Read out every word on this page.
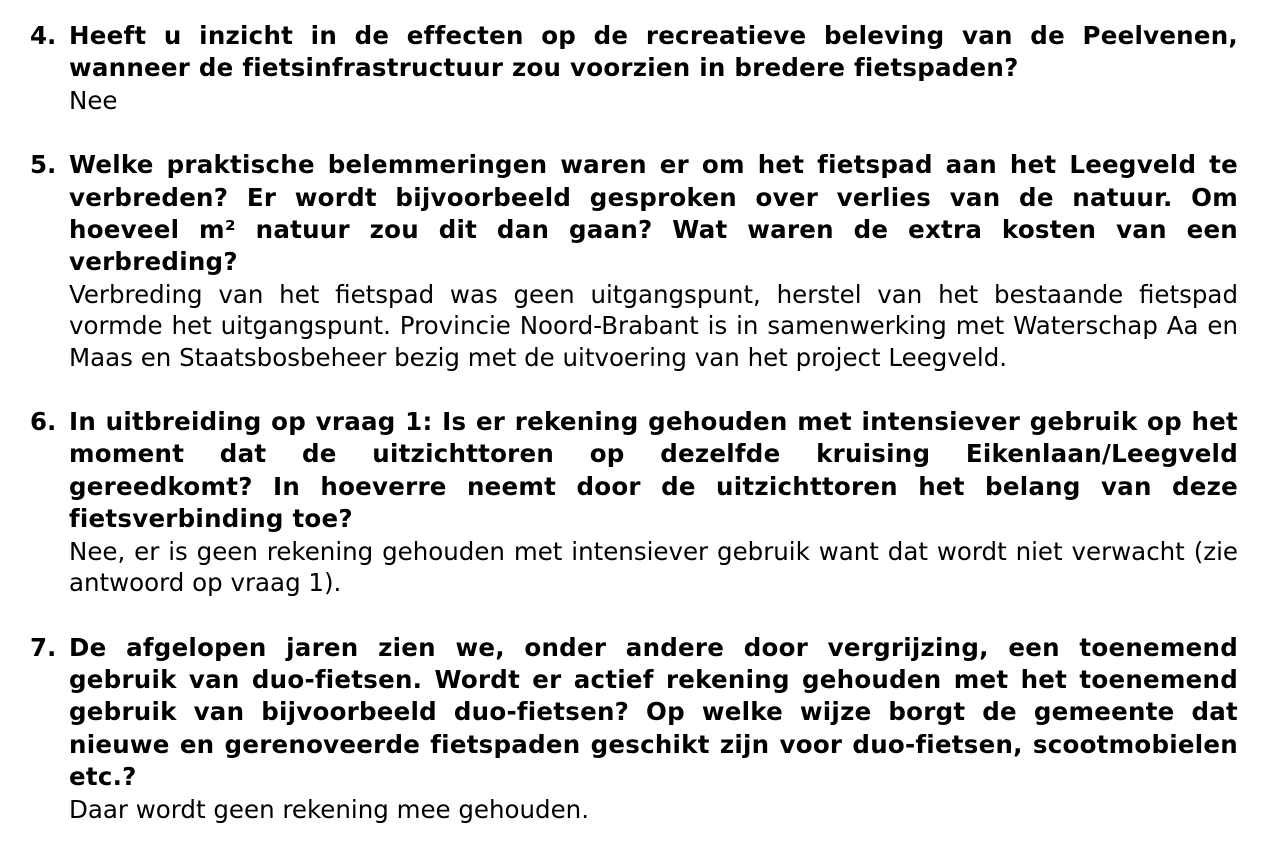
4. Heeft u inzicht in de effecten op de recreatieve beleving van de Peelvenen, wanneer de fietsinfrastructuur zou voorzien in bredere fietspaden?

Nee

5. Welke praktische belemmeringen waren er om het fietspad aan het Leegveld te verbreden? Er wordt bijvoorbeeld gesproken over verlies van de natuur. Om hoeveel m² natuur zou dit dan gaan? Wat waren de extra kosten van een verbreding?

Verbreding van het fietspad was geen uitgangspunt, herstel van het bestaande fietspad vormde het uitgangspunt. Provincie Noord-Brabant is in samenwerking met Waterschap Aa en Maas en Staatsbosbeheer bezig met de uitvoering van het project Leegveld.

6. In uitbreiding op vraag 1: Is er rekening gehouden met intensiever gebruik op het moment dat de uitzichttoren op dezelfde kruising Eikenlaan/Leegveld gereedkomt? In hoeverre neemt door de uitzichttoren het belang van deze fietsverbinding toe?

Nee, er is geen rekening gehouden met intensiever gebruik want dat wordt niet verwacht (zie antwoord op vraag 1).

7. De afgelopen jaren zien we, onder andere door vergrijzing, een toenemend gebruik van duo-fietsen. Wordt er actief rekening gehouden met het toenemend gebruik van bijvoorbeeld duo-fietsen? Op welke wijze borgt de gemeente dat nieuwe en gerenoveerde fietspaden geschikt zijn voor duo-fietsen, scootmobielen etc.?

Daar wordt geen rekening mee gehouden.
